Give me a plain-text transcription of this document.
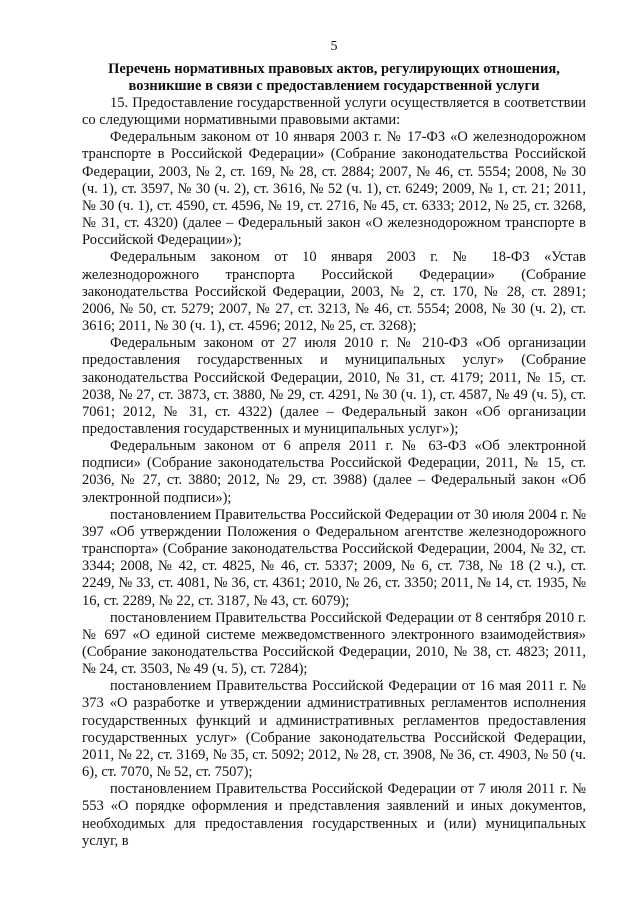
5
Перечень нормативных правовых актов, регулирующих отношения,
возникшие в связи с предоставлением государственной услуги

15. Предоставление государственной услуги осуществляется в соответствии со следующими нормативными правовыми актами:

Федеральным законом от 10 января 2003 г. № 17-ФЗ «О железнодорожном транспорте в Российской Федерации» (Собрание законодательства Российской Федерации, 2003, № 2, ст. 169, № 28, ст. 2884; 2007, № 46, ст. 5554; 2008, № 30 (ч. 1), ст. 3597, № 30 (ч. 2), ст. 3616, № 52 (ч. 1), ст. 6249; 2009, № 1, ст. 21; 2011, № 30 (ч. 1), ст. 4590, ст. 4596, № 19, ст. 2716, № 45, ст. 6333; 2012, № 25, ст. 3268, № 31, ст. 4320) (далее – Федеральный закон «О железнодорожном транспорте в Российской Федерации»);

Федеральным законом от 10 января 2003 г. № 18-ФЗ «Устав железнодорожного транспорта Российской Федерации» (Собрание законодательства Российской Федерации, 2003, № 2, ст. 170, № 28, ст. 2891; 2006, № 50, ст. 5279; 2007, № 27, ст. 3213, № 46, ст. 5554; 2008, № 30 (ч. 2), ст. 3616; 2011, № 30 (ч. 1), ст. 4596; 2012, № 25, ст. 3268);

Федеральным законом от 27 июля 2010 г. № 210-ФЗ «Об организации предоставления государственных и муниципальных услуг» (Собрание законодательства Российской Федерации, 2010, № 31, ст. 4179; 2011, № 15, ст. 2038, № 27, ст. 3873, ст. 3880, № 29, ст. 4291, № 30 (ч. 1), ст. 4587, № 49 (ч. 5), ст. 7061; 2012, № 31, ст. 4322) (далее – Федеральный закон «Об организации предоставления государственных и муниципальных услуг»);

Федеральным законом от 6 апреля 2011 г. № 63-ФЗ «Об электронной подписи» (Собрание законодательства Российской Федерации, 2011, № 15, ст. 2036, № 27, ст. 3880; 2012, № 29, ст. 3988) (далее – Федеральный закон «Об электронной подписи»);

постановлением Правительства Российской Федерации от 30 июля 2004 г. № 397 «Об утверждении Положения о Федеральном агентстве железнодорожного транспорта» (Собрание законодательства Российской Федерации, 2004, № 32, ст. 3344; 2008, № 42, ст. 4825, № 46, ст. 5337; 2009, № 6, ст. 738, № 18 (2 ч.), ст. 2249, № 33, ст. 4081, № 36, ст. 4361; 2010, № 26, ст. 3350; 2011, № 14, ст. 1935, № 16, ст. 2289, № 22, ст. 3187, № 43, ст. 6079);

постановлением Правительства Российской Федерации от 8 сентября 2010 г. № 697 «О единой системе межведомственного электронного взаимодействия» (Собрание законодательства Российской Федерации, 2010, № 38, ст. 4823; 2011, № 24, ст. 3503, № 49 (ч. 5), ст. 7284);

постановлением Правительства Российской Федерации от 16 мая 2011 г. № 373 «О разработке и утверждении административных регламентов исполнения государственных функций и административных регламентов предоставления государственных услуг» (Собрание законодательства Российской Федерации, 2011, № 22, ст. 3169, № 35, ст. 5092; 2012, № 28, ст. 3908, № 36, ст. 4903, № 50 (ч. 6), ст. 7070, № 52, ст. 7507);

постановлением Правительства Российской Федерации от 7 июля 2011 г. № 553 «О порядке оформления и представления заявлений и иных документов, необходимых для предоставления государственных и (или) муниципальных услуг, в
